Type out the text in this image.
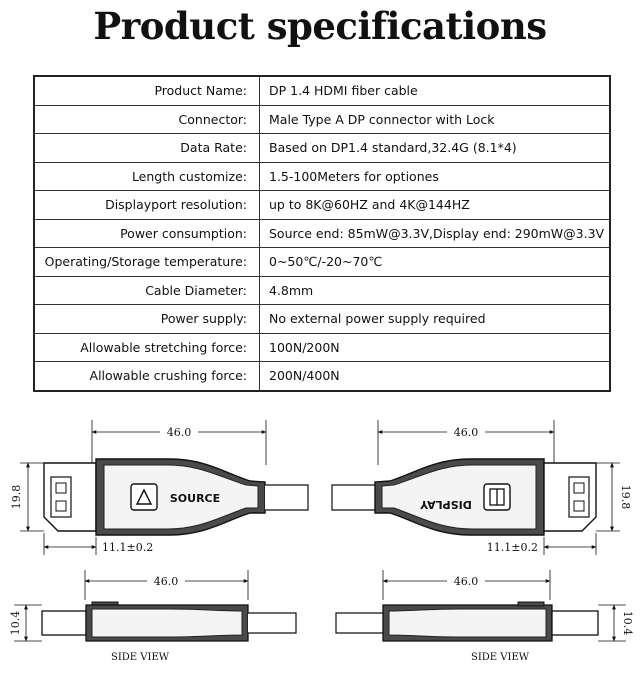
Product specifications
Product Name:	DP 1.4 HDMI fiber cable
Connector:	Male Type A DP connector with Lock
Data Rate:	Based on DP1.4 standard,32.4G (8.1*4)
Length customize:	1.5-100Meters for optiones
Displayport resolution:	up to 8K@60HZ and 4K@144HZ
Power consumption:	Source end: 85mW@3.3V,Display end: 290mW@3.3V
Operating/Storage temperature:	0~50℃/-20~70℃
Cable Diameter:	4.8mm
Power supply:	No external power supply required
Allowable stretching force:	100N/200N
Allowable crushing force:	200N/400N
46.0
19.8	SOURCE
11.1±0.2
46.0
19.8
DISPLAY
11.1±0.2
46.0
10.4
SIDE VIEW
46.0
10.4
SIDE VIEW
